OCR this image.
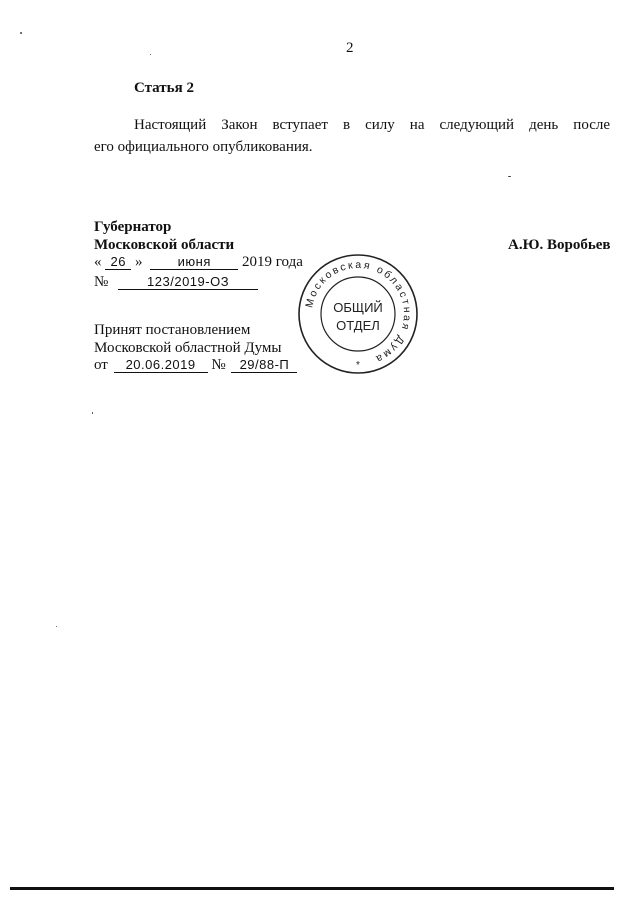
2
Статья 2
Настоящий Закон вступает в силу на следующий день после
его официального опубликования.
Губернатор
Московской области	А.Ю. Воробьев
« 26 »	июня 2019 года
№	123/2019-ОЗ
Принят постановлением
Московской областной Думы
от 20.06.2019 № 29/88-П
Московская областная Дума
ОБЩИЙ
ОТДЕЛ
*
